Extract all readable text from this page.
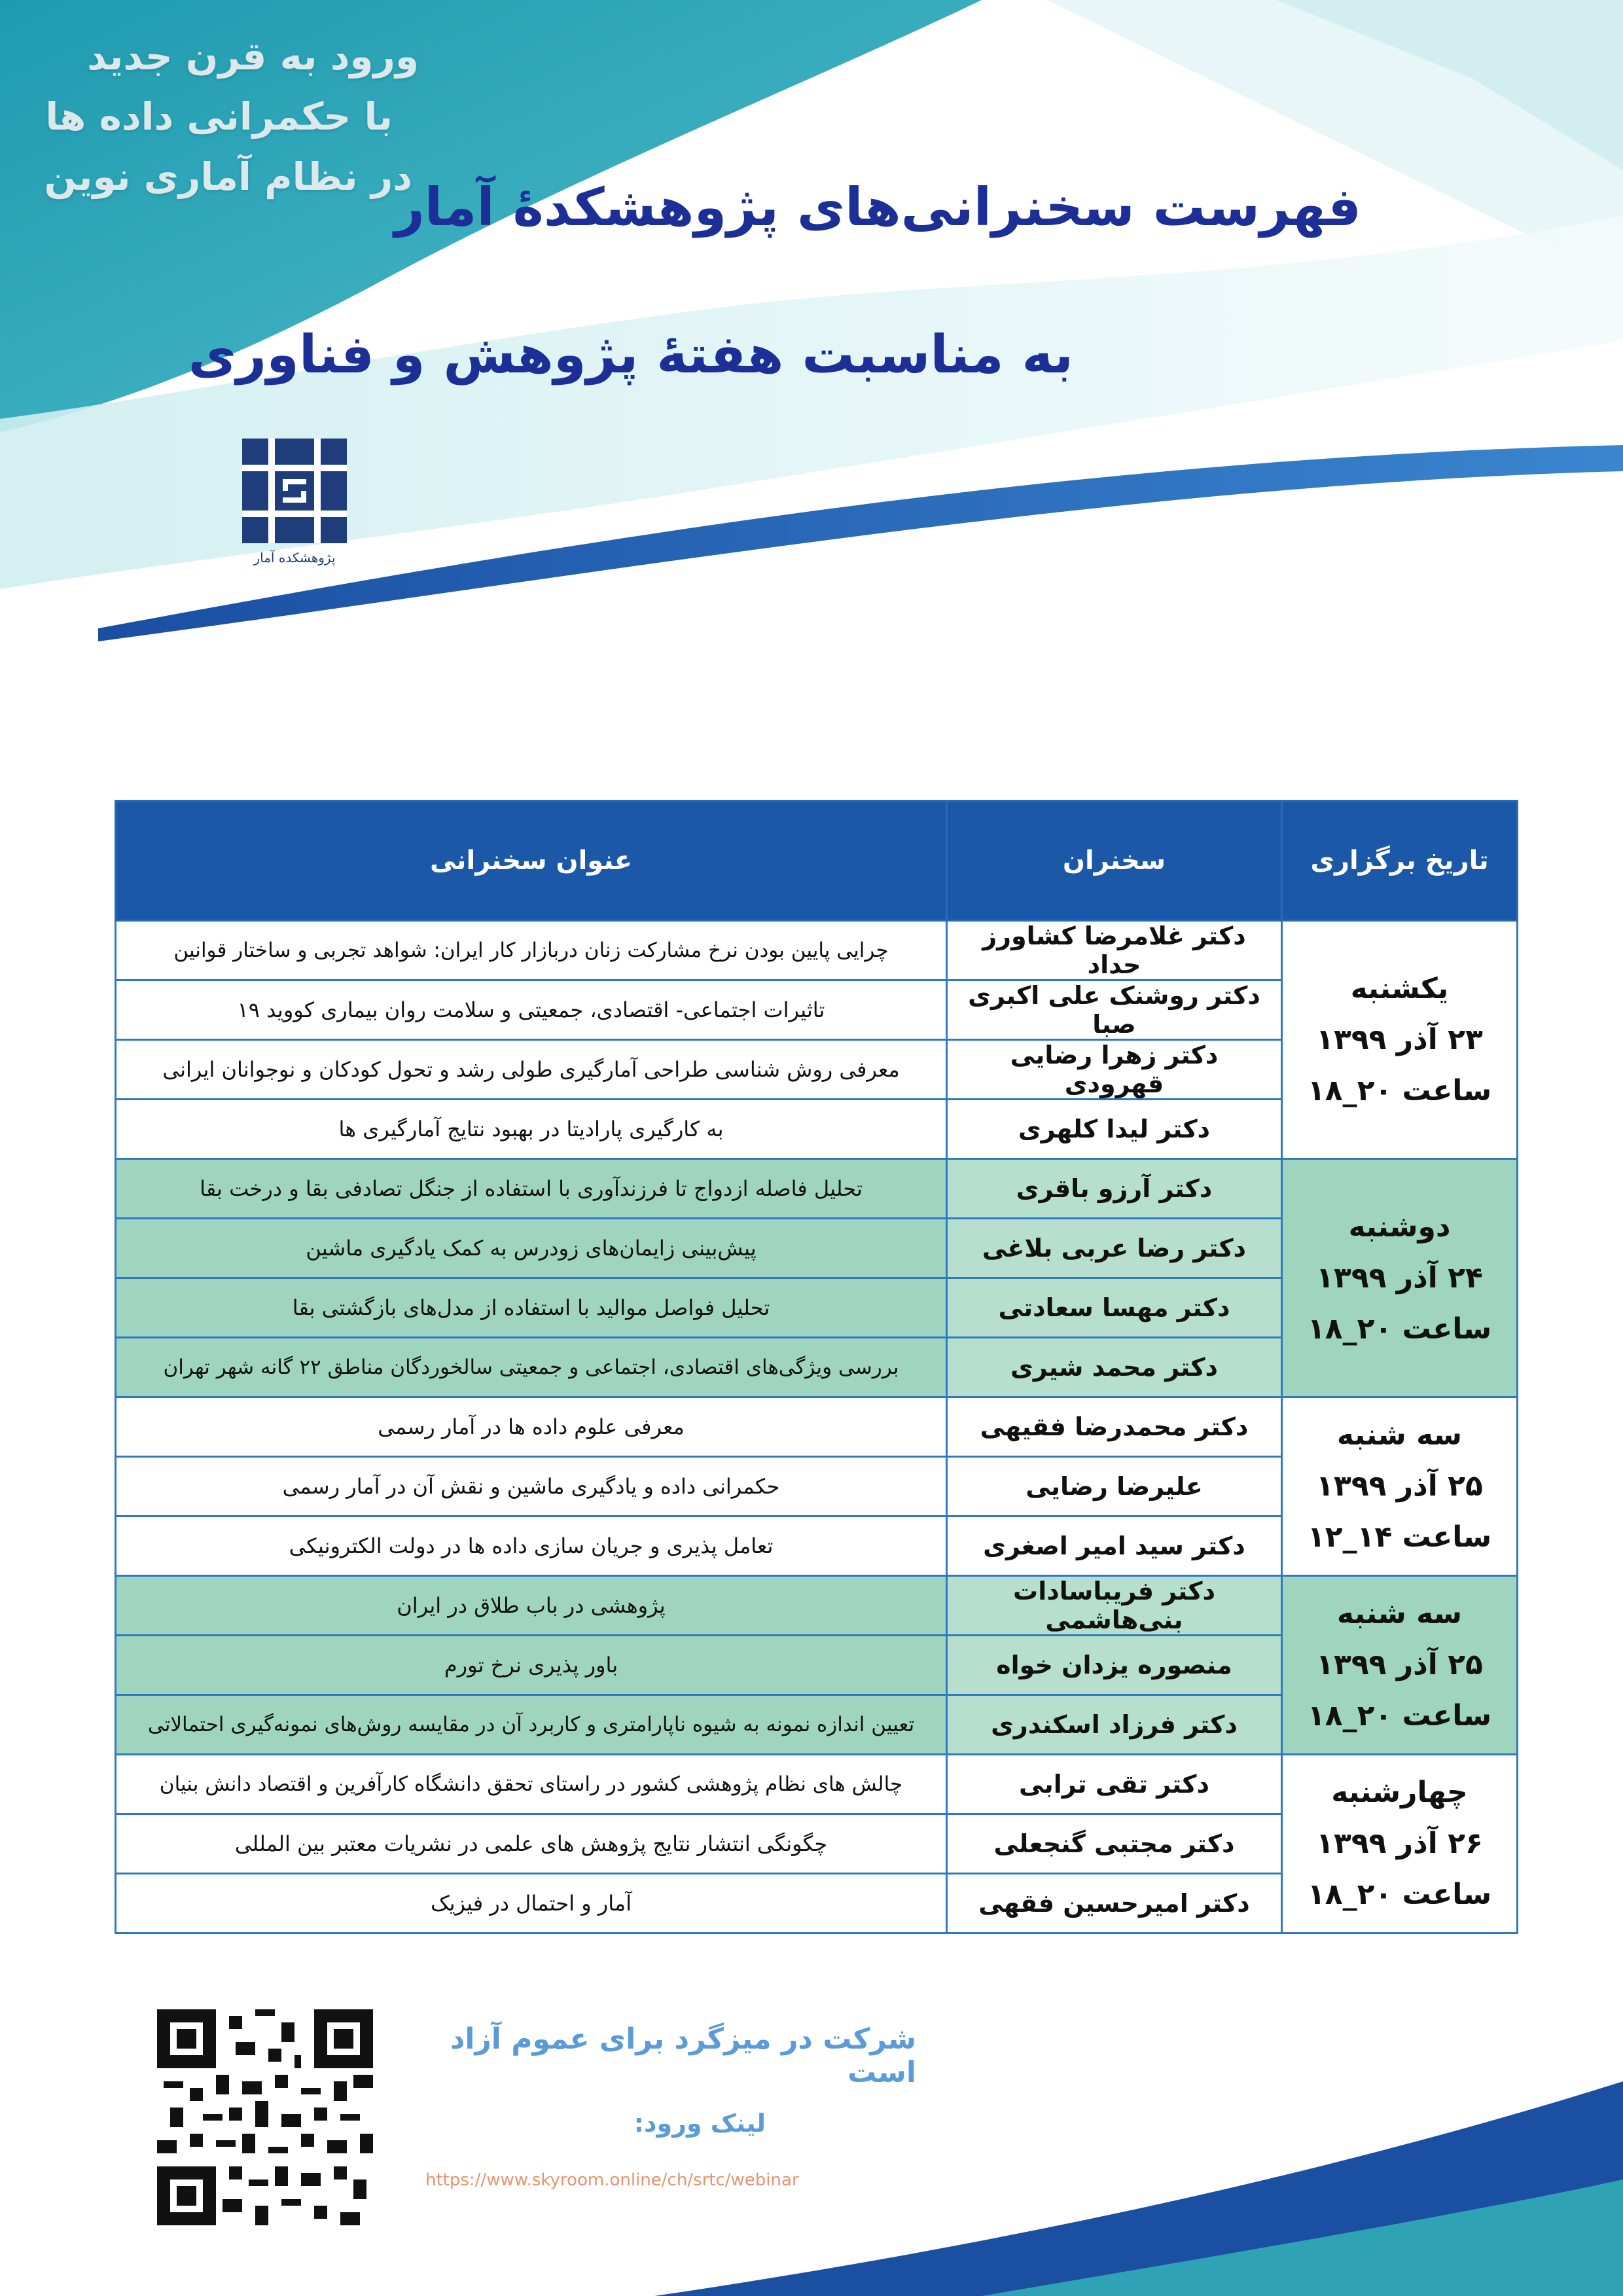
ورود به قرن جدید
با حکمرانی داده ها
در نظام آماری نوین
فهرست سخنرانی‌های پژوهشکدۀ آمار
به مناسبت هفتۀ پژوهش و فناوری
پژوهشکده آمار
تاریخ برگزاری	سخنران	عنوان سخنرانی

یکشنبه
۲۳ آذر ۱۳۹۹
ساعت ۲۰_۱۸	دکتر غلامرضا کشاورز حداد	چرایی پایین بودن نرخ مشارکت زنان دربازار کار ایران: شواهد تجربی و ساختار قوانین
	دکتر روشنک علی اکبری صبا	تاثیرات اجتماعی- اقتصادی، جمعیتی و سلامت روان بیماری کووید ۱۹
	دکتر زهرا رضایی قهرودی	معرفی روش شناسی طراحی آمارگیری طولی رشد و تحول کودکان و نوجوانان ایرانی
	دکتر لیدا کلهری	به کارگیری پارادیتا در بهبود نتایج آمارگیری ها

دوشنبه
۲۴ آذر ۱۳۹۹
ساعت ۲۰_۱۸	دکتر آرزو باقری	تحلیل فاصله ازدواج تا فرزندآوری با استفاده از جنگل تصادفی بقا و درخت بقا
	دکتر رضا عربی بلاغی	پیش‌بینی زایمان‌های زودرس به کمک یادگیری ماشین
	دکتر مهسا سعادتی	تحلیل فواصل موالید با استفاده از مدل‌های بازگشتی بقا
	دکتر محمد شیری	بررسی ویژگی‌های اقتصادی، اجتماعی و جمعیتی سالخوردگان مناطق ۲۲ گانه شهر تهران

سه شنبه
۲۵ آذر ۱۳۹۹
ساعت ۱۴_۱۲	دکتر محمدرضا فقیهی	معرفی علوم داده ها در آمار رسمی
	علیرضا رضایی	حکمرانی داده و یادگیری ماشین و نقش آن در آمار رسمی
	دکتر سید امیر اصغری	تعامل پذیری و جریان سازی داده ها در دولت الکترونیکی

سه شنبه
۲۵ آذر ۱۳۹۹
ساعت ۲۰_۱۸	دکتر فریباسادات بنی‌هاشمی	پژوهشی در باب طلاق در ایران
	منصوره یزدان خواه	باور پذیری نرخ تورم
	دکتر فرزاد اسکندری	تعیین اندازه نمونه به شیوه ناپارامتری و کاربرد آن در مقایسه روش‌های نمونه‌گیری احتمالاتی

چهارشنبه
۲۶ آذر ۱۳۹۹
ساعت ۲۰_۱۸	دکتر تقی ترابی	چالش های نظام پژوهشی کشور در راستای تحقق دانشگاه کارآفرین و اقتصاد دانش بنیان
	دکتر مجتبی گنجعلی	چگونگی انتشار نتایج پژوهش های علمی در نشریات معتبر بین المللی
	دکتر امیرحسین فقهی	آمار و احتمال در فیزیک
شرکت در میزگرد برای عموم آزاد است
لینک ورود:
https://www.skyroom.online/ch/srtc/webinar
